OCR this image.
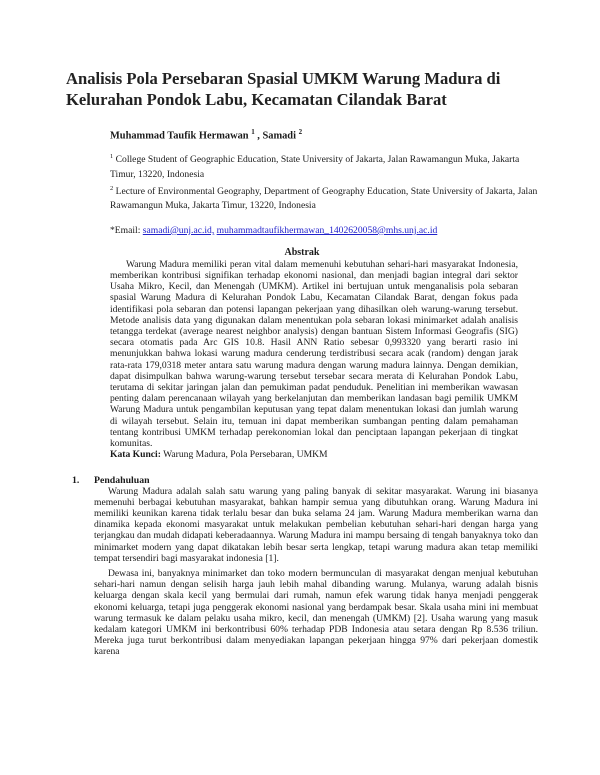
Analisis Pola Persebaran Spasial UMKM Warung Madura di Kelurahan Pondok Labu, Kecamatan Cilandak Barat
Muhammad Taufik Hermawan $^1$ , Samadi $^2$
$^1$ College Student of Geographic Education, State University of Jakarta, Jalan Rawamangun Muka, Jakarta Timur, 13220, Indonesia
$^2$ Lecture of Environmental Geography, Department of Geography Education, State University of Jakarta, Jalan Rawamangun Muka, Jakarta Timur, 13220, Indonesia
*Email: samadi@unj.ac.id, muhammadtaufikhermawan_1402620058@mhs.unj.ac.id
Abstrak

Warung Madura memiliki peran vital dalam memenuhi kebutuhan sehari-hari masyarakat Indonesia, memberikan kontribusi signifikan terhadap ekonomi nasional, dan menjadi bagian integral dari sektor Usaha Mikro, Kecil, dan Menengah (UMKM). Artikel ini bertujuan untuk menganalisis pola sebaran spasial Warung Madura di Kelurahan Pondok Labu, Kecamatan Cilandak Barat, dengan fokus pada identifikasi pola sebaran dan potensi lapangan pekerjaan yang dihasilkan oleh warung-warung tersebut. Metode analisis data yang digunakan dalam menentukan pola sebaran lokasi minimarket adalah analisis tetangga terdekat (average nearest neighbor analysis) dengan bantuan Sistem Informasi Geografis (SIG) secara otomatis pada Arc GIS 10.8. Hasil ANN Ratio sebesar 0,993320 yang berarti rasio ini menunjukkan bahwa lokasi warung madura cenderung terdistribusi secara acak (random) dengan jarak rata-rata 179,0318 meter antara satu warung madura dengan warung madura lainnya. Dengan demikian, dapat disimpulkan bahwa warung-warung tersebut tersebar secara merata di Kelurahan Pondok Labu, terutama di sekitar jaringan jalan dan pemukiman padat penduduk. Penelitian ini memberikan wawasan penting dalam perencanaan wilayah yang berkelanjutan dan memberikan landasan bagi pemilik UMKM Warung Madura untuk pengambilan keputusan yang tepat dalam menentukan lokasi dan jumlah warung di wilayah tersebut. Selain itu, temuan ini dapat memberikan sumbangan penting dalam pemahaman tentang kontribusi UMKM terhadap perekonomian lokal dan penciptaan lapangan pekerjaan di tingkat komunitas.

Kata Kunci: Warung Madura, Pola Persebaran, UMKM
1.	Pendahuluan

Warung Madura adalah salah satu warung yang paling banyak di sekitar masyarakat. Warung ini biasanya memenuhi berbagai kebutuhan masyarakat, bahkan hampir semua yang dibutuhkan orang. Warung Madura ini memiliki keunikan karena tidak terlalu besar dan buka selama 24 jam. Warung Madura memberikan warna dan dinamika kepada ekonomi masyarakat untuk melakukan pembelian kebutuhan sehari-hari dengan harga yang terjangkau dan mudah didapati keberadaannya. Warung Madura ini mampu bersaing di tengah banyaknya toko dan minimarket modern yang dapat dikatakan lebih besar serta lengkap, tetapi warung madura akan tetap memiliki tempat tersendiri bagi masyarakat indonesia [1].

Dewasa ini, banyaknya minimarket dan toko modern bermunculan di masyarakat dengan menjual kebutuhan sehari-hari namun dengan selisih harga jauh lebih mahal dibanding warung. Mulanya, warung adalah bisnis keluarga dengan skala kecil yang bermulai dari rumah, namun efek warung tidak hanya menjadi penggerak ekonomi keluarga, tetapi juga penggerak ekonomi nasional yang berdampak besar. Skala usaha mini ini membuat warung termasuk ke dalam pelaku usaha mikro, kecil, dan menengah (UMKM) [2]. Usaha warung yang masuk kedalam kategori UMKM ini berkontribusi 60% terhadap PDB Indonesia atau setara dengan Rp 8.536 triliun. Mereka juga turut berkontribusi dalam menyediakan lapangan pekerjaan hingga 97% dari pekerjaan domestik karena
